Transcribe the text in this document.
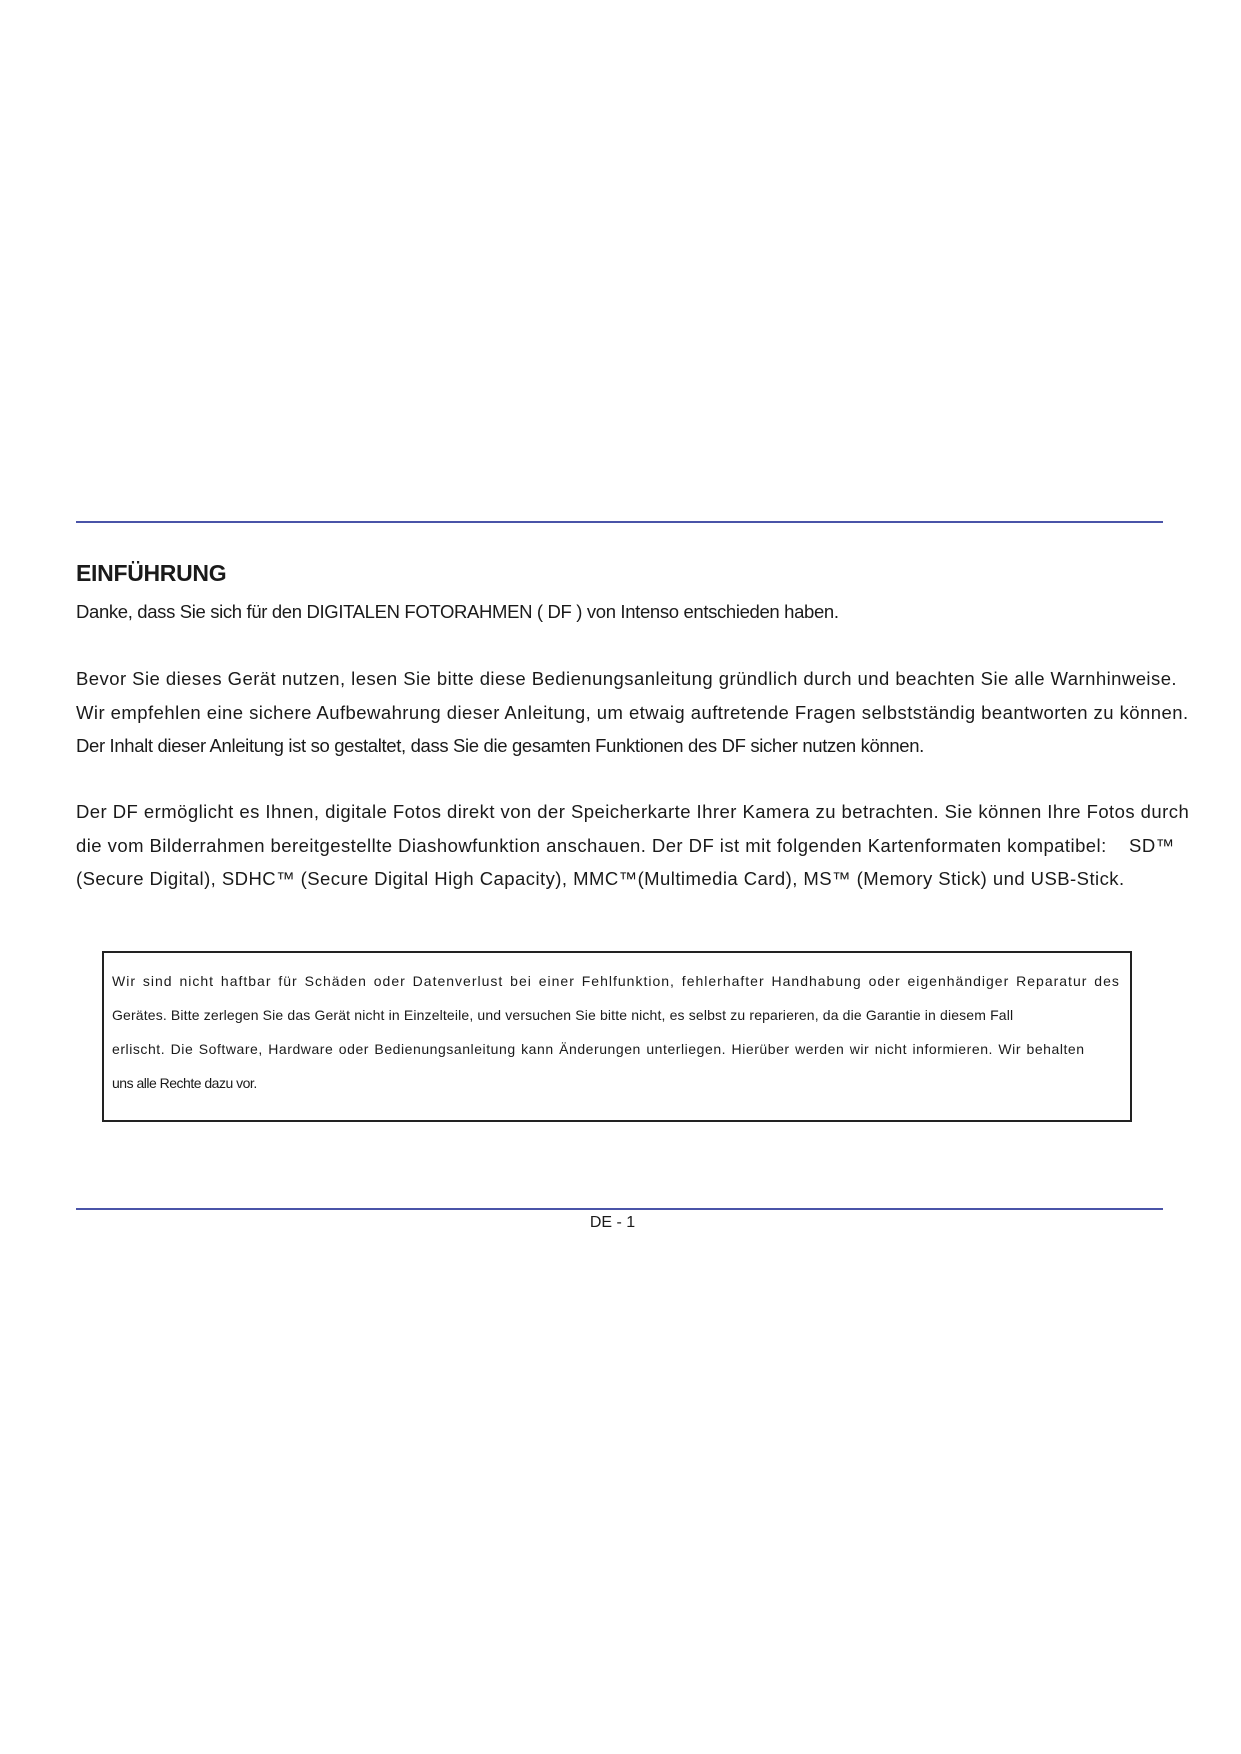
EINFÜHRUNG

Danke, dass Sie sich für den DIGITALEN FOTORAHMEN ( DF ) von Intenso entschieden haben.

Bevor Sie dieses Gerät nutzen, lesen Sie bitte diese Bedienungsanleitung gründlich durch und beachten Sie alle Warnhinweise.
Wir empfehlen eine sichere Aufbewahrung dieser Anleitung, um etwaig auftretende Fragen selbstständig beantworten zu können.
Der Inhalt dieser Anleitung ist so gestaltet, dass Sie die gesamten Funktionen des DF sicher nutzen können.

Der DF ermöglicht es Ihnen, digitale Fotos direkt von der Speicherkarte Ihrer Kamera zu betrachten. Sie können Ihre Fotos durch
die vom Bilderrahmen bereitgestellte Diashowfunktion anschauen. Der DF ist mit folgenden Kartenformaten kompatibel:    SD™
(Secure Digital), SDHC™ (Secure Digital High Capacity), MMC™(Multimedia Card), MS™ (Memory Stick) und USB-Stick.

Wir sind nicht haftbar für Schäden oder Datenverlust bei einer Fehlfunktion, fehlerhafter Handhabung oder eigenhändiger Reparatur des
Gerätes. Bitte zerlegen Sie das Gerät nicht in Einzelteile, und versuchen Sie bitte nicht, es selbst zu reparieren, da die Garantie in diesem Fall
erlischt. Die Software, Hardware oder Bedienungsanleitung kann Änderungen unterliegen. Hierüber werden wir nicht informieren. Wir behalten
uns alle Rechte dazu vor.

DE - 1
